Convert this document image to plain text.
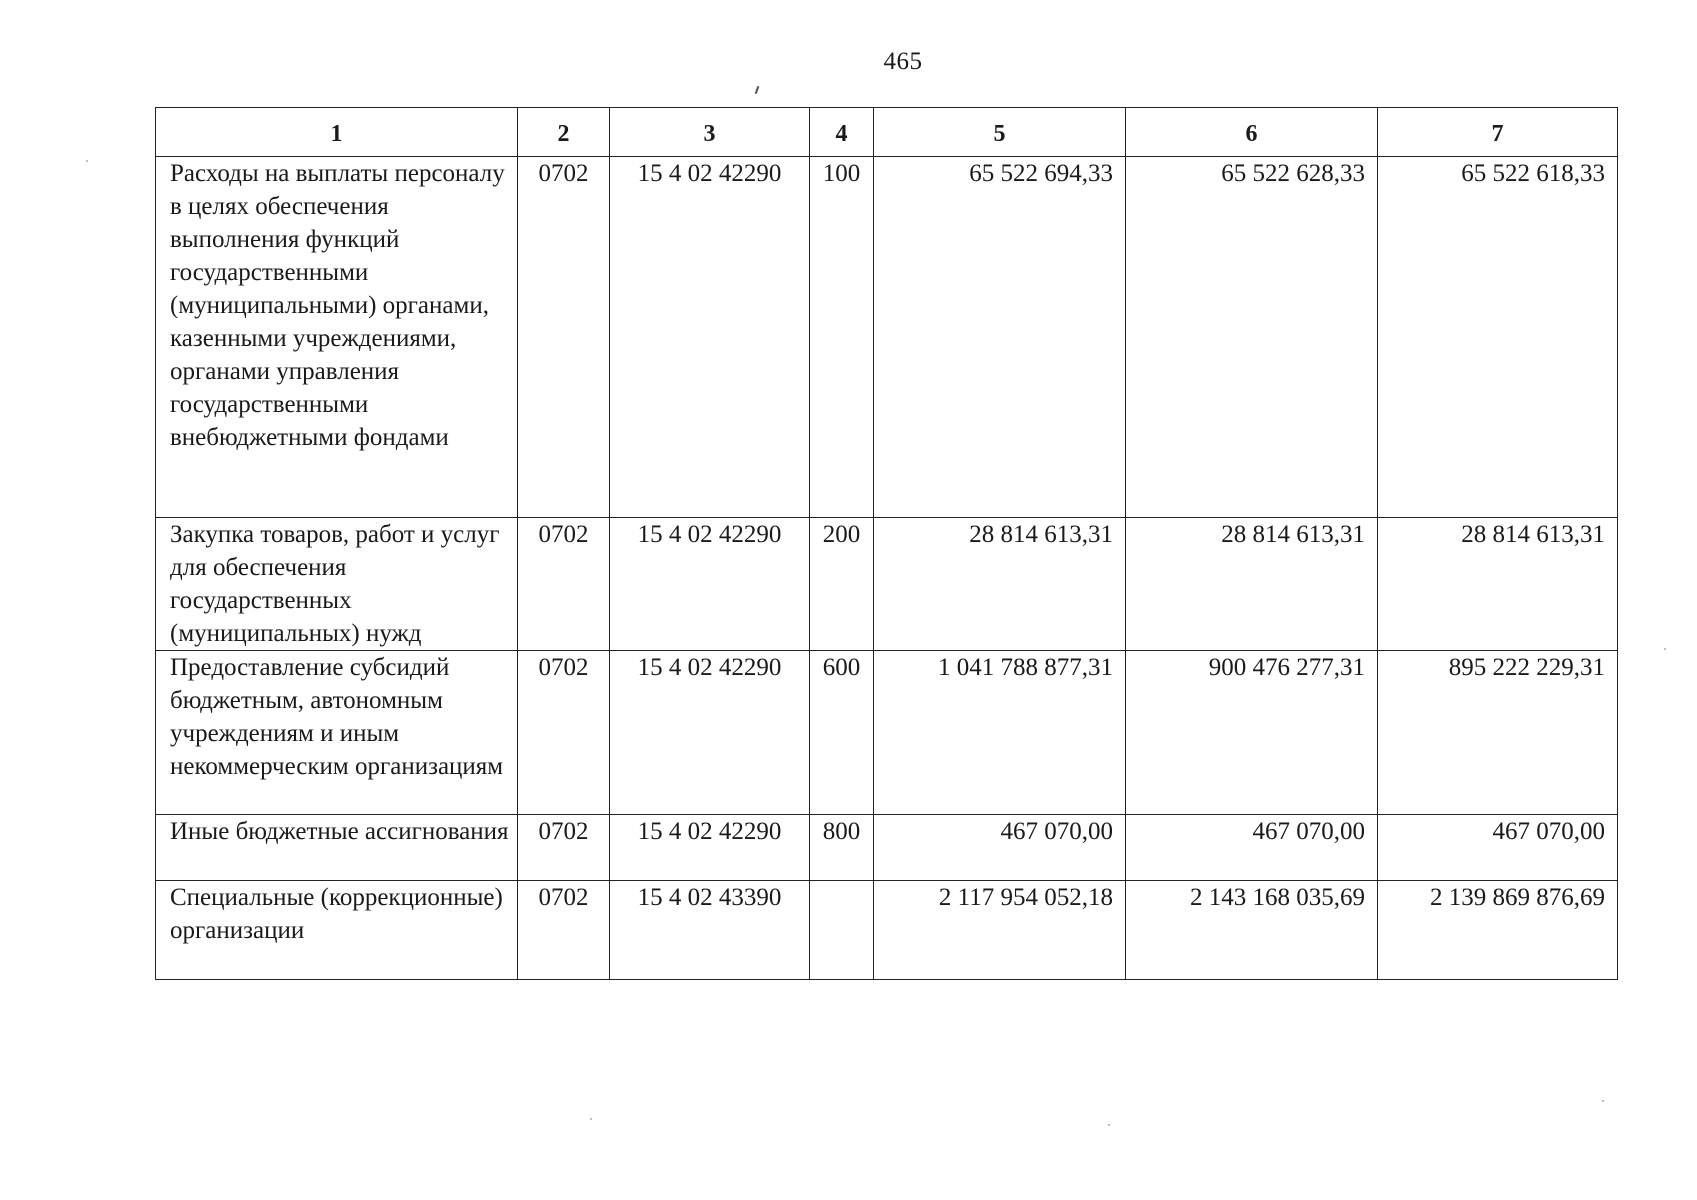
465
1	2	3	4	5	6	7
Расходы на выплаты персоналу в целях обеспечения выполнения функций государственными (муниципальными) органами, казенными учреждениями, органами управления государственными внебюджетными фондами	0702	15 4 02 42290	100	65 522 694,33	65 522 628,33	65 522 618,33
Закупка товаров, работ и услуг для обеспечения государственных (муниципальных) нужд	0702	15 4 02 42290	200	28 814 613,31	28 814 613,31	28 814 613,31
Предоставление субсидий бюджетным, автономным учреждениям и иным некоммерческим организациям	0702	15 4 02 42290	600	1 041 788 877,31	900 476 277,31	895 222 229,31
Иные бюджетные ассигнования	0702	15 4 02 42290	800	467 070,00	467 070,00	467 070,00
Специальные (коррекционные) организации	0702	15 4 02 43390		2 117 954 052,18	2 143 168 035,69	2 139 869 876,69
